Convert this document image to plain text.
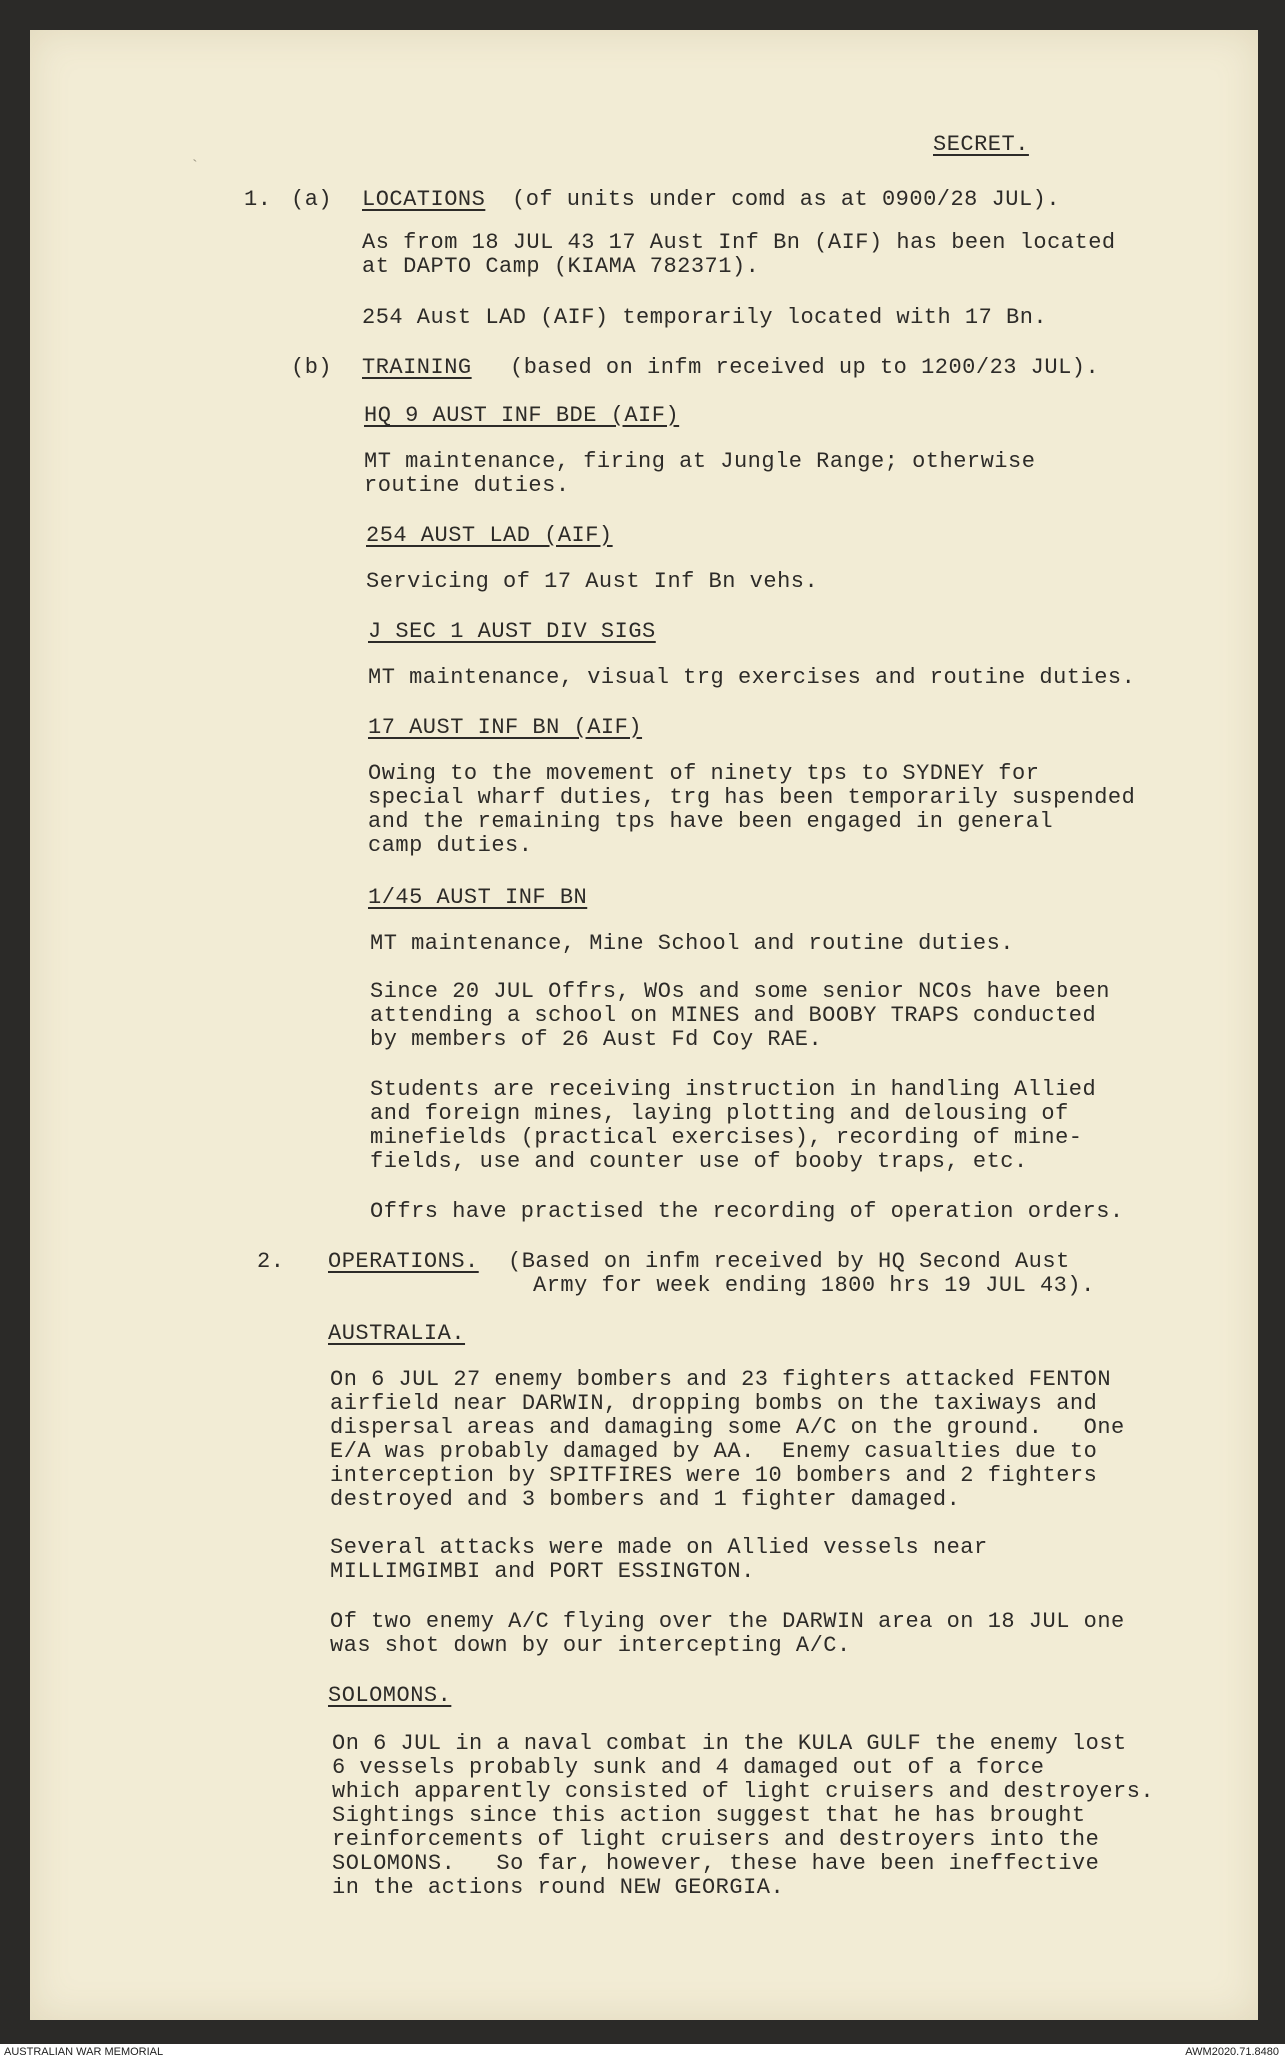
SECRET.
`
1. (a) LOCATIONS (of units under comd as at 0900/28 JUL).
As from 18 JUL 43 17 Aust Inf Bn (AIF) has been located
at DAPTO Camp (KIAMA 782371).
254 Aust LAD (AIF) temporarily located with 17 Bn.
(b) TRAINING (based on infm received up to 1200/23 JUL).
HQ 9 AUST INF BDE (AIF)
MT maintenance, firing at Jungle Range; otherwise
routine duties.
254 AUST LAD (AIF)
Servicing of 17 Aust Inf Bn vehs.
J SEC 1 AUST DIV SIGS
MT maintenance, visual trg exercises and routine duties.
17 AUST INF BN (AIF)
Owing to the movement of ninety tps to SYDNEY for
special wharf duties, trg has been temporarily suspended
and the remaining tps have been engaged in general
camp duties.
1/45 AUST INF BN
MT maintenance, Mine School and routine duties.
Since 20 JUL Offrs, WOs and some senior NCOs have been
attending a school on MINES and BOOBY TRAPS conducted
by members of 26 Aust Fd Coy RAE.
Students are receiving instruction in handling Allied
and foreign mines, laying plotting and delousing of
minefields (practical exercises), recording of mine-
fields, use and counter use of booby traps, etc.
Offrs have practised the recording of operation orders.
2. OPERATIONS. (Based on infm received by HQ Second Aust
Army for week ending 1800 hrs 19 JUL 43).
AUSTRALIA.
On 6 JUL 27 enemy bombers and 23 fighters attacked FENTON
airfield near DARWIN, dropping bombs on the taxiways and
dispersal areas and damaging some A/C on the ground.   One
E/A was probably damaged by AA.  Enemy casualties due to
interception by SPITFIRES were 10 bombers and 2 fighters
destroyed and 3 bombers and 1 fighter damaged.
Several attacks were made on Allied vessels near
MILLIMGIMBI and PORT ESSINGTON.
Of two enemy A/C flying over the DARWIN area on 18 JUL one
was shot down by our intercepting A/C.
SOLOMONS.
On 6 JUL in a naval combat in the KULA GULF the enemy lost
6 vessels probably sunk and 4 damaged out of a force
which apparently consisted of light cruisers and destroyers.
Sightings since this action suggest that he has brought
reinforcements of light cruisers and destroyers into the
SOLOMONS.   So far, however, these have been ineffective
in the actions round NEW GEORGIA.
AUSTRALIAN WAR MEMORIAL	AWM2020.71.8480
